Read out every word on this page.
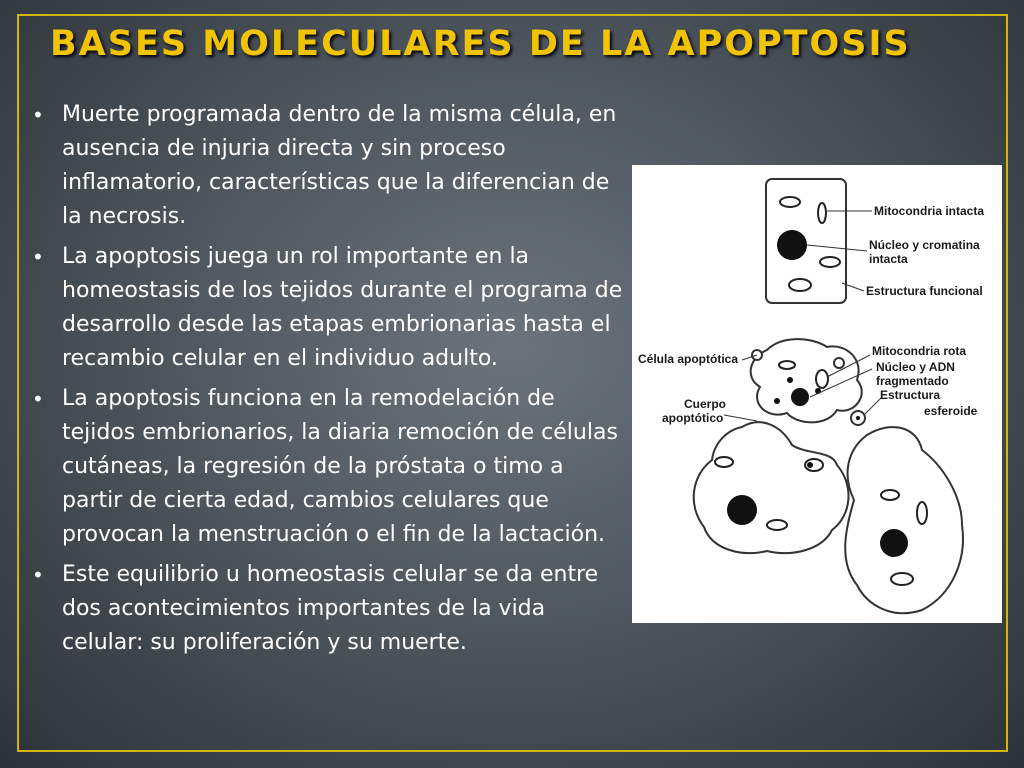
BASES MOLECULARES DE LA APOPTOSIS
• Muerte programada dentro de la misma célula, en ausencia de injuria directa y sin proceso inflamatorio, características que la diferencian de la necrosis.
• La apoptosis juega un rol importante en la homeostasis de los tejidos durante el programa de desarrollo desde las etapas embrionarias hasta el recambio celular en el individuo adulto.
• La apoptosis funciona en la remodelación de tejidos embrionarios, la diaria remoción de células cutáneas, la regresión de la próstata o timo a partir de cierta edad, cambios celulares que provocan la menstruación o el fin de la lactación.
• Este equilibrio u homeostasis celular se da entre dos acontecimientos importantes de la vida celular: su proliferación y su muerte.
Mitocondria intacta
Núcleo y cromatina
intacta
Estructura funcional
Célula apoptótica
Mitocondria rota
Núcleo y ADN
fragmentado
Estructura
esferoide
Cuerpo
apoptótico
